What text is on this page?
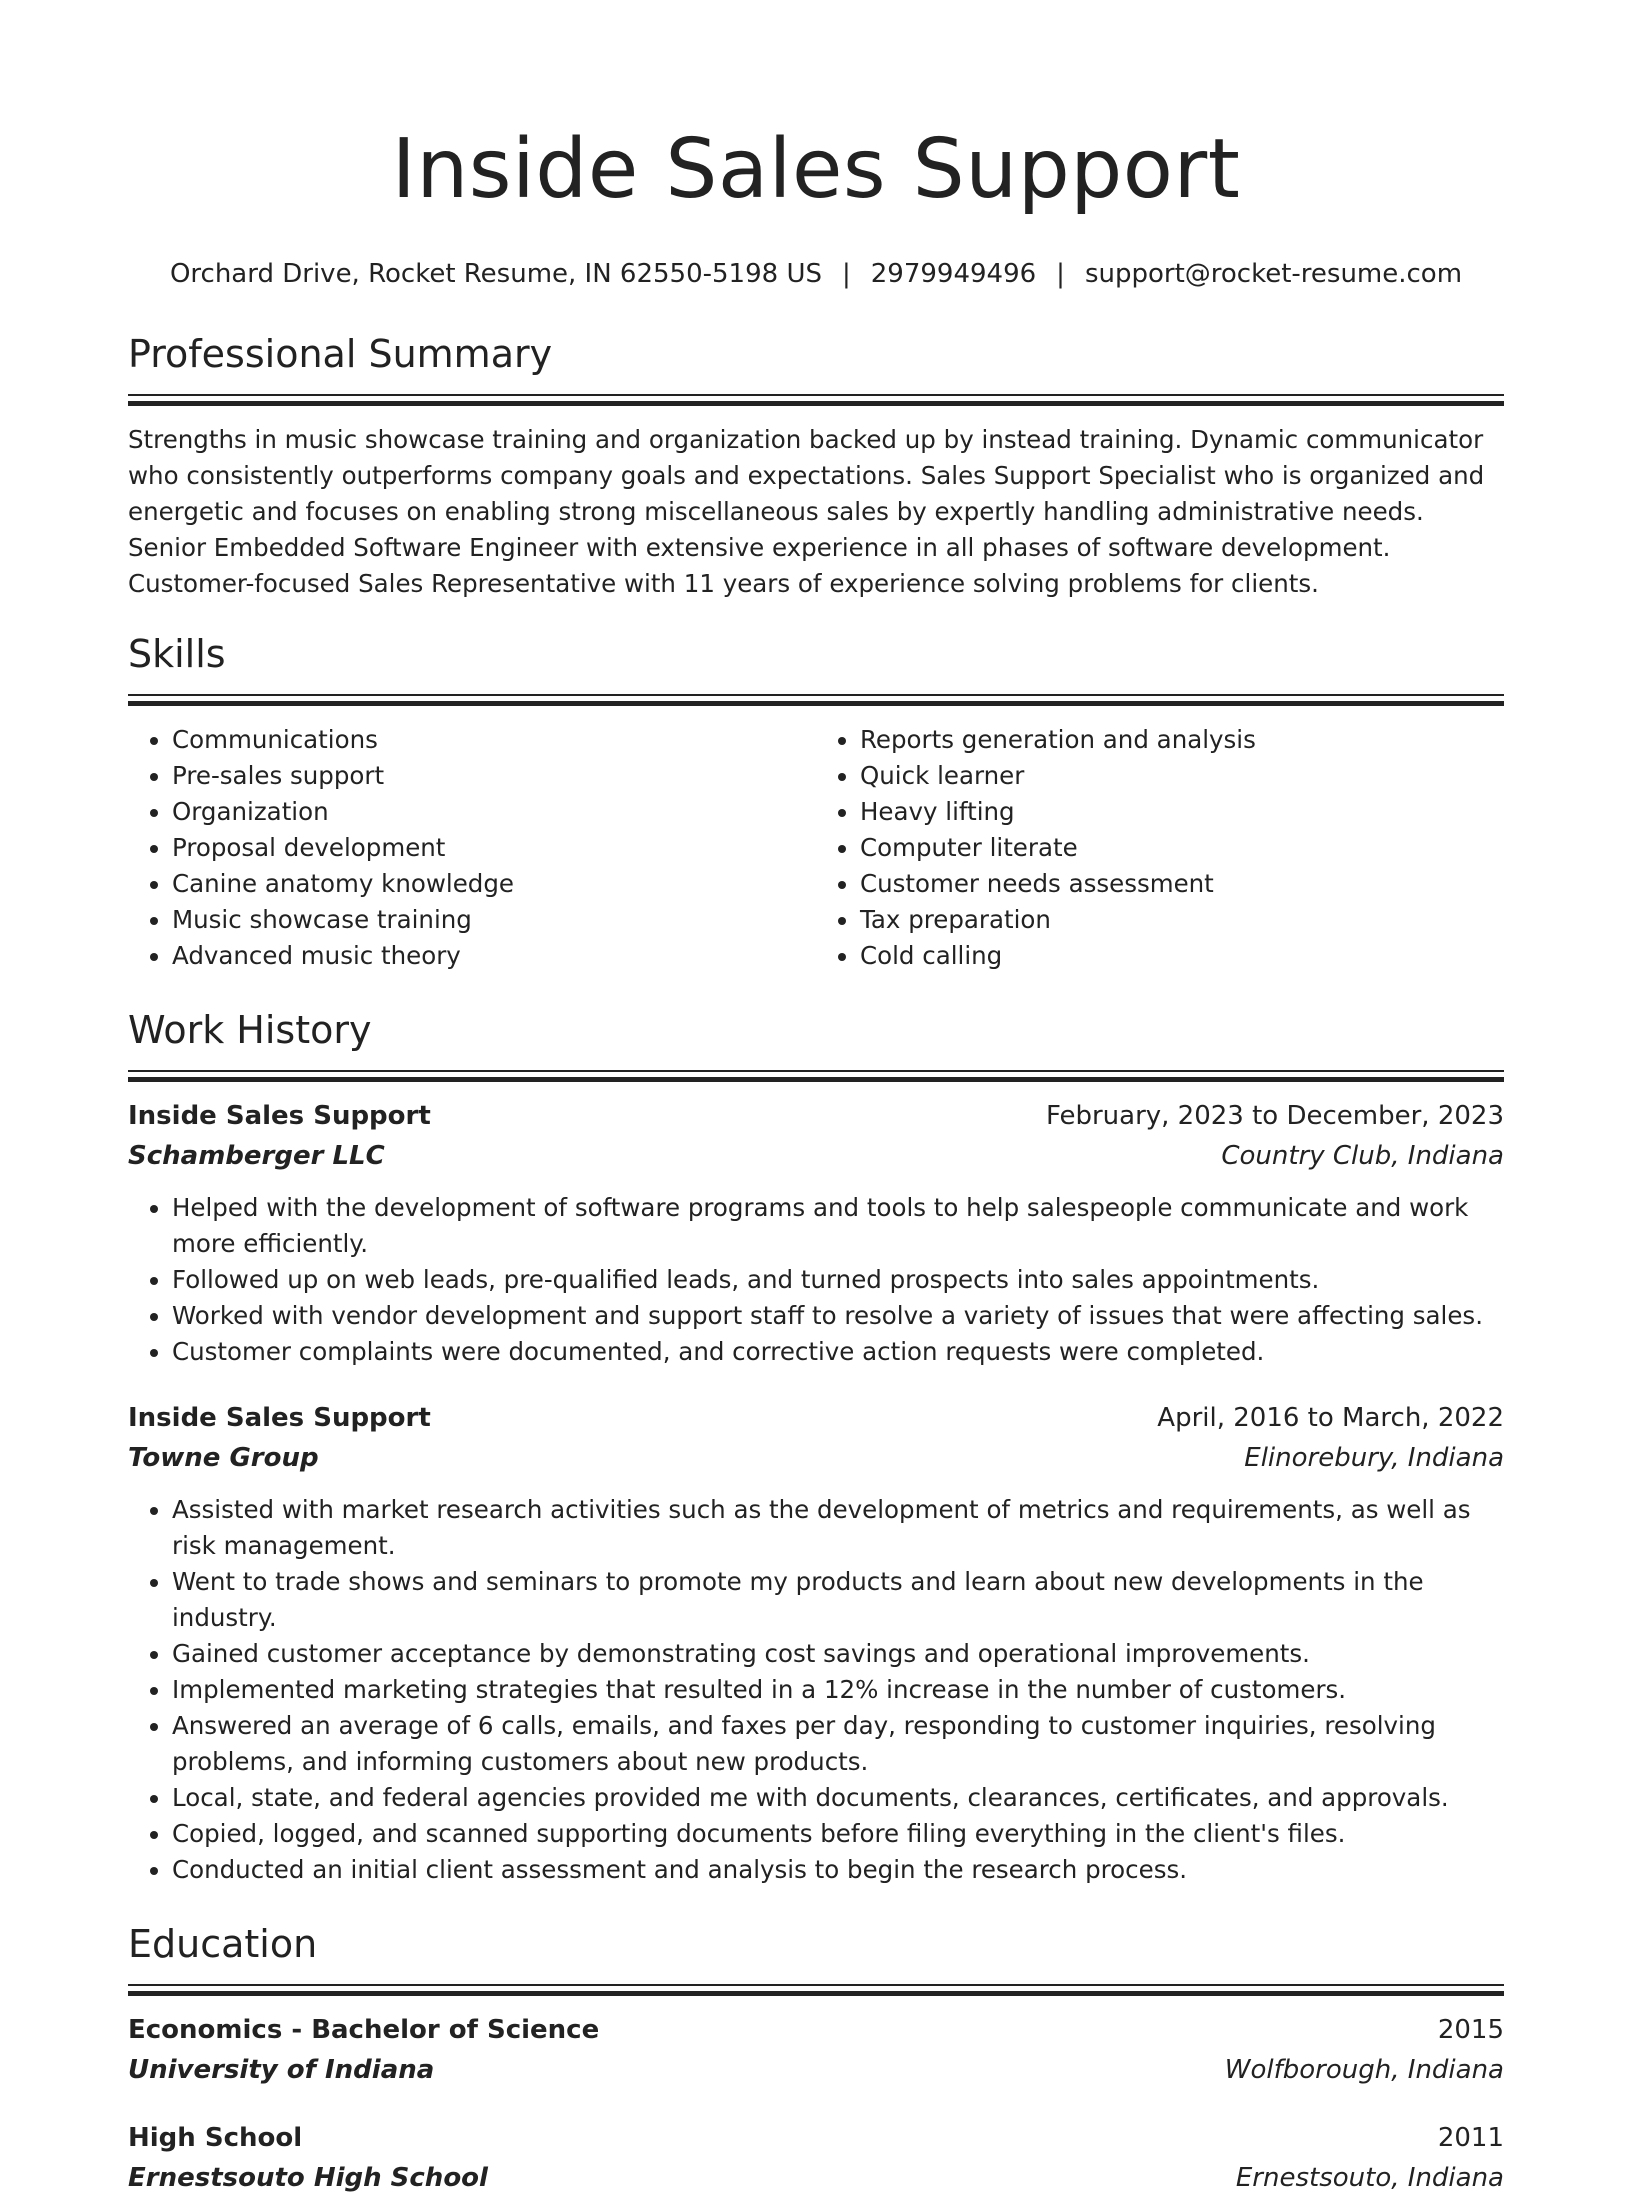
Inside Sales Support
Orchard Drive, Rocket Resume, IN 62550-5198 US | 2979949496 | support@rocket-resume.com
Professional Summary
Strengths in music showcase training and organization backed up by instead training. Dynamic communicator who consistently outperforms company goals and expectations. Sales Support Specialist who is organized and energetic and focuses on enabling strong miscellaneous sales by expertly handling administrative needs. Senior Embedded Software Engineer with extensive experience in all phases of software development. Customer-focused Sales Representative with 11 years of experience solving problems for clients.
Skills
• Communications
• Pre-sales support
• Organization
• Proposal development
• Canine anatomy knowledge
• Music showcase training
• Advanced music theory
• Reports generation and analysis
• Quick learner
• Heavy lifting
• Computer literate
• Customer needs assessment
• Tax preparation
• Cold calling
Work History
Inside Sales Support	February, 2023 to December, 2023
Schamberger LLC	Country Club, Indiana
• Helped with the development of software programs and tools to help salespeople communicate and work more efficiently.
• Followed up on web leads, pre-qualified leads, and turned prospects into sales appointments.
• Worked with vendor development and support staff to resolve a variety of issues that were affecting sales.
• Customer complaints were documented, and corrective action requests were completed.
Inside Sales Support	April, 2016 to March, 2022
Towne Group	Elinorebury, Indiana
• Assisted with market research activities such as the development of metrics and requirements, as well as risk management.
• Went to trade shows and seminars to promote my products and learn about new developments in the industry.
• Gained customer acceptance by demonstrating cost savings and operational improvements.
• Implemented marketing strategies that resulted in a 12% increase in the number of customers.
• Answered an average of 6 calls, emails, and faxes per day, responding to customer inquiries, resolving problems, and informing customers about new products.
• Local, state, and federal agencies provided me with documents, clearances, certificates, and approvals.
• Copied, logged, and scanned supporting documents before filing everything in the client's files.
• Conducted an initial client assessment and analysis to begin the research process.
Education
Economics - Bachelor of Science	2015
University of Indiana	Wolfborough, Indiana
High School	2011
Ernestsouto High School	Ernestsouto, Indiana
